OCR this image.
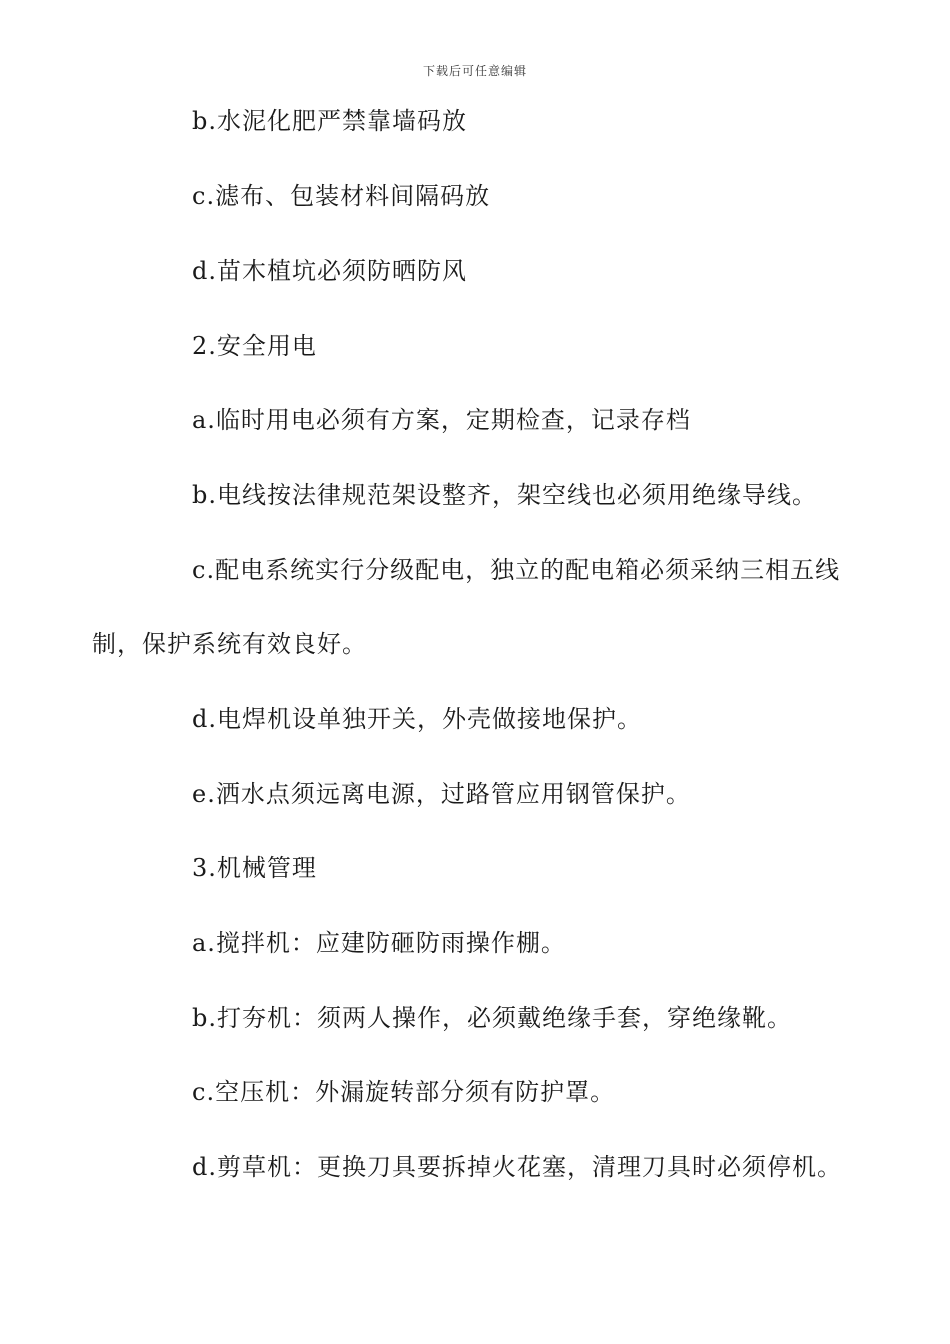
下载后可任意编辑
b.水泥化肥严禁靠墙码放
c.滤布、包装材料间隔码放
d.苗木植坑必须防晒防风
2.安全用电
a.临时用电必须有方案，定期检查，记录存档
b.电线按法律规范架设整齐，架空线也必须用绝缘导线。
c.配电系统实行分级配电，独立的配电箱必须采纳三相五线
制，保护系统有效良好。
d.电焊机设单独开关，外壳做接地保护。
e.洒水点须远离电源，过路管应用钢管保护。
3.机械管理
a.搅拌机：应建防砸防雨操作棚。
b.打夯机：须两人操作，必须戴绝缘手套，穿绝缘靴。
c.空压机：外漏旋转部分须有防护罩。
d.剪草机：更换刀具要拆掉火花塞，清理刀具时必须停机。
